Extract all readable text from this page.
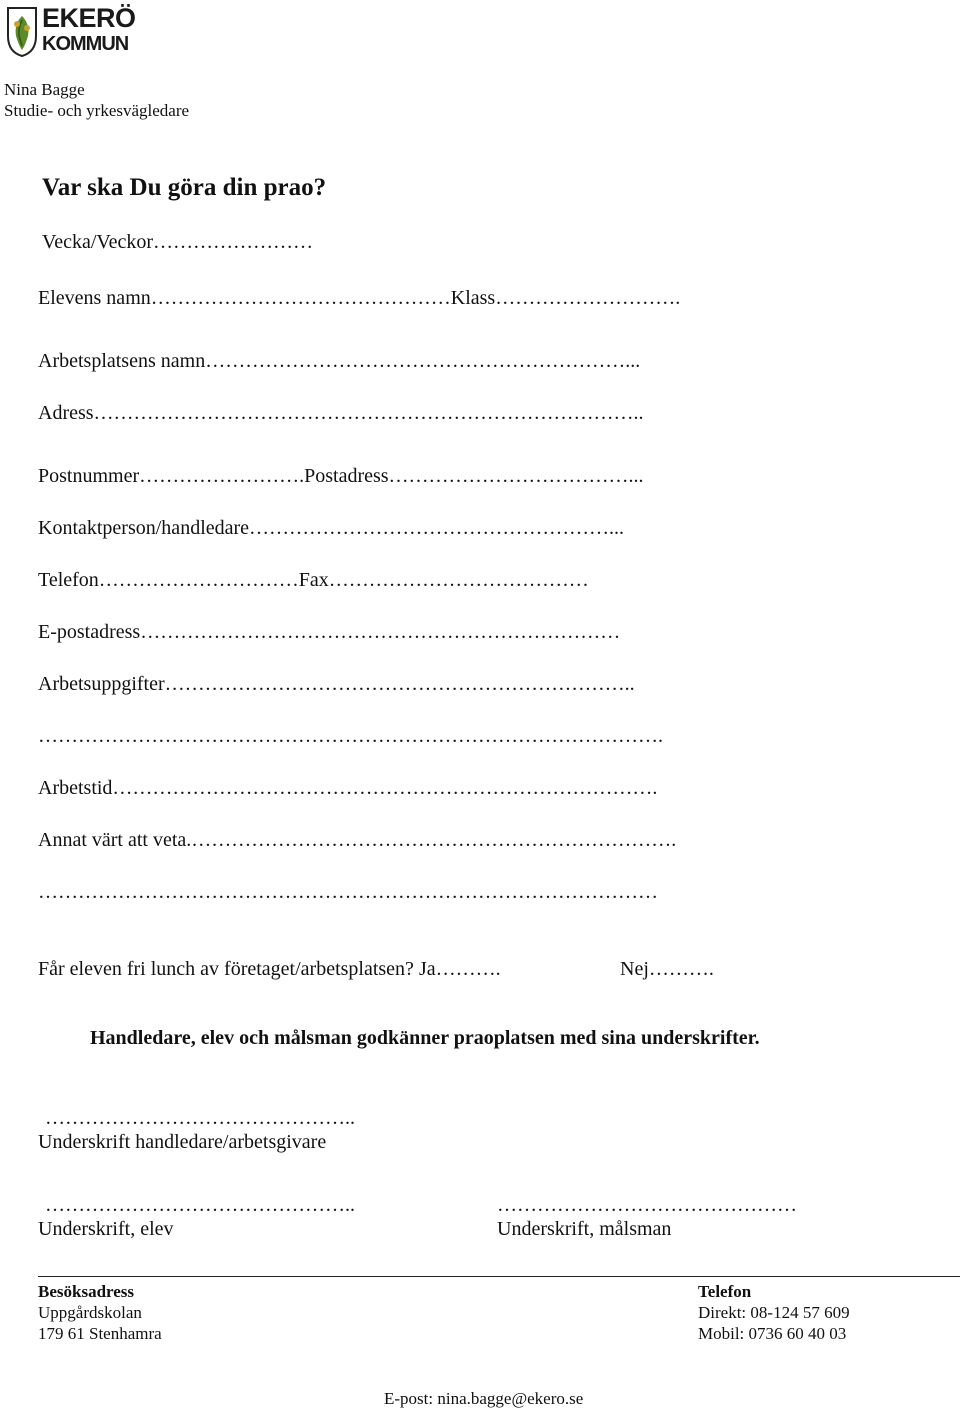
EKERÖ
KOMMUN
Nina Bagge
Studie- och yrkesvägledare
Var ska Du göra din prao?
Vecka/Veckor……………………
Elevens namn………………………………………Klass……………………….
Arbetsplatsens namn………………………………………………………...
Adress………………………………………………………………………..
Postnummer…………………….Postadress………………………………...
Kontaktperson/handledare………………………………………………...
Telefon…………………………Fax…………………………………
E-postadress………………………………………………………………
Arbetsuppgifter……………………………………………………………..
………………………………………………………………………………….
Arbetstid……………………………………………………………………….
Annat värt att veta.……………………………………………………………….
…………………………………………………………………………………
Får eleven fri lunch av företaget/arbetsplatsen? Ja……….	Nej……….
Handledare, elev och målsman godkänner praoplatsen med sina underskrifter.
………………………………………..
Underskrift handledare/arbetsgivare
………………………………………..
Underskrift, elev
………………………………………
Underskrift, målsman
Besöksadress
Uppgårdskolan
179 61 Stenhamra
Telefon
Direkt: 08-124 57 609
Mobil: 0736 60 40 03
E-post: nina.bagge@ekero.se
